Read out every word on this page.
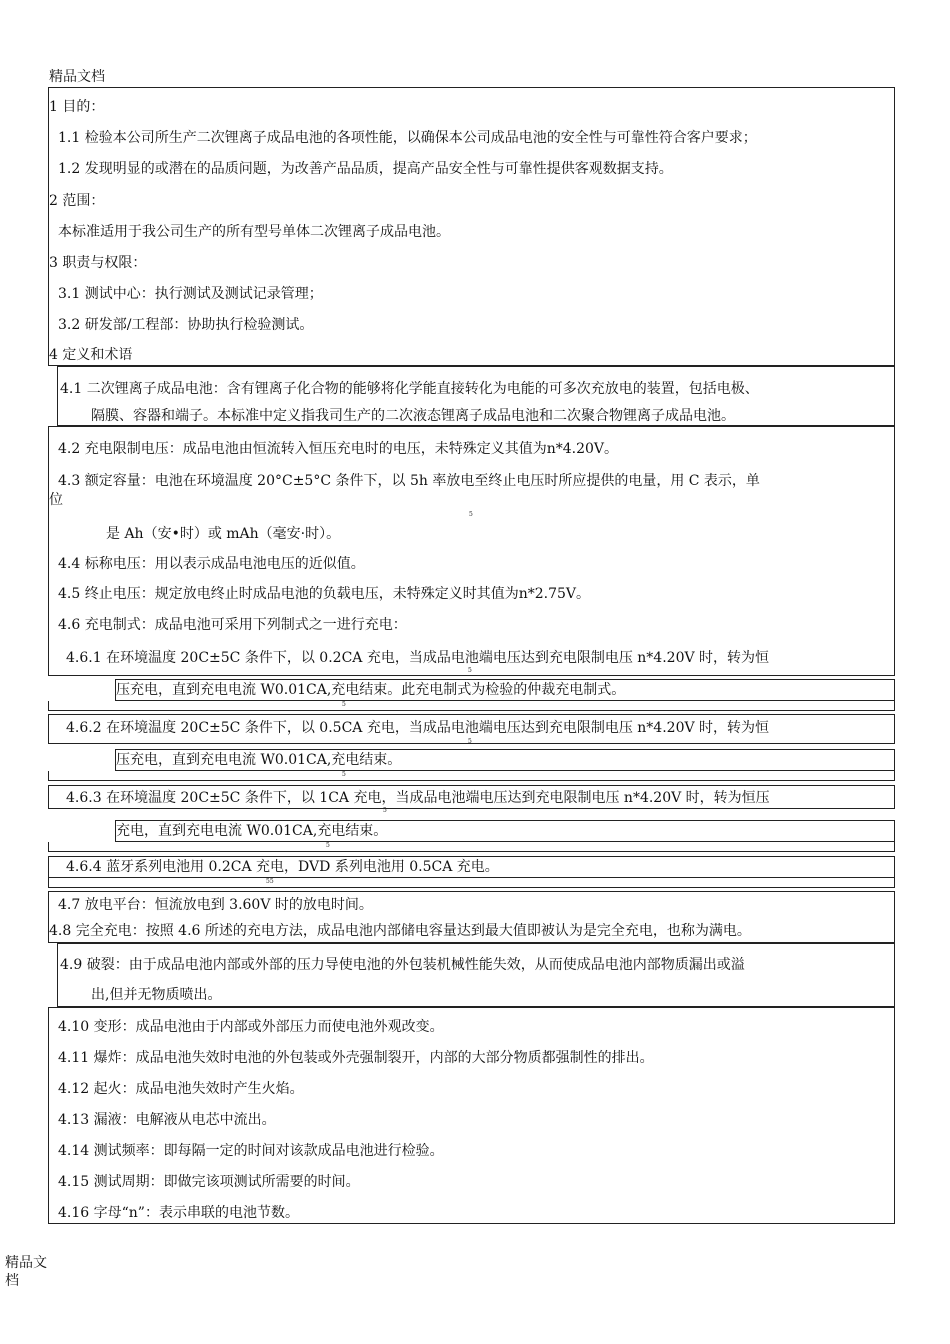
精品文档
1 目的：
1.1 检验本公司所生产二次锂离子成品电池的各项性能，以确保本公司成品电池的安全性与可靠性符合客户要求；
1.2 发现明显的或潜在的品质问题，为改善产品品质，提高产品安全性与可靠性提供客观数据支持。
2 范围：
本标准适用于我公司生产的所有型号单体二次锂离子成品电池。
3 职责与权限：
3.1 测试中心：执行测试及测试记录管理；
3.2 研发部/工程部：协助执行检验测试。
4 定义和术语
4.1 二次锂离子成品电池：含有锂离子化合物的能够将化学能直接转化为电能的可多次充放电的装置，包括电极、
隔膜、容器和端子。本标准中定义指我司生产的二次液态锂离子成品电池和二次聚合物锂离子成品电池。
4.2 充电限制电压：成品电池由恒流转入恒压充电时的电压，未特殊定义其值为n*4.20V。
4.3 额定容量：电池在环境温度 20°C±5°C 条件下，以 5h 率放电至终止电压时所应提供的电量，用 C 表示，单
位
5
是 Ah（安•时）或 mAh（毫安·时）。
4.4 标称电压：用以表示成品电池电压的近似值。
4.5 终止电压：规定放电终止时成品电池的负载电压，未特殊定义时其值为n*2.75V。
4.6 充电制式：成品电池可采用下列制式之一进行充电：
4.6.1 在环境温度 20C±5C 条件下，以 0.2CA 充电，当成品电池端电压达到充电限制电压 n*4.20V 时，转为恒
5
压充电，直到充电电流 W0.01CA,充电结束。此充电制式为检验的仲裁充电制式。
5
4.6.2 在环境温度 20C±5C 条件下，以 0.5CA 充电，当成品电池端电压达到充电限制电压 n*4.20V 时，转为恒
5
压充电，直到充电电流 W0.01CA,充电结束。
5
4.6.3 在环境温度 20C±5C 条件下，以 1CA 充电，当成品电池端电压达到充电限制电压 n*4.20V 时，转为恒压
5
充电，直到充电电流 W0.01CA,充电结束。
5
4.6.4 蓝牙系列电池用 0.2CA 充电，DVD 系列电池用 0.5CA 充电。
55
4.7 放电平台：恒流放电到 3.60V 时的放电时间。
4.8 完全充电：按照 4.6 所述的充电方法，成品电池内部储电容量达到最大值即被认为是完全充电，也称为满电。
4.9 破裂：由于成品电池内部或外部的压力导使电池的外包装机械性能失效，从而使成品电池内部物质漏出或溢
出,但并无物质喷出。
4.10 变形：成品电池由于内部或外部压力而使电池外观改变。
4.11 爆炸：成品电池失效时电池的外包装或外壳强制裂开，内部的大部分物质都强制性的排出。
4.12 起火：成品电池失效时产生火焰。
4.13 漏液：电解液从电芯中流出。
4.14 测试频率：即每隔一定的时间对该款成品电池进行检验。
4.15 测试周期：即做完该项测试所需要的时间。
4.16 字母“n”：表示串联的电池节数。
精品文
档
